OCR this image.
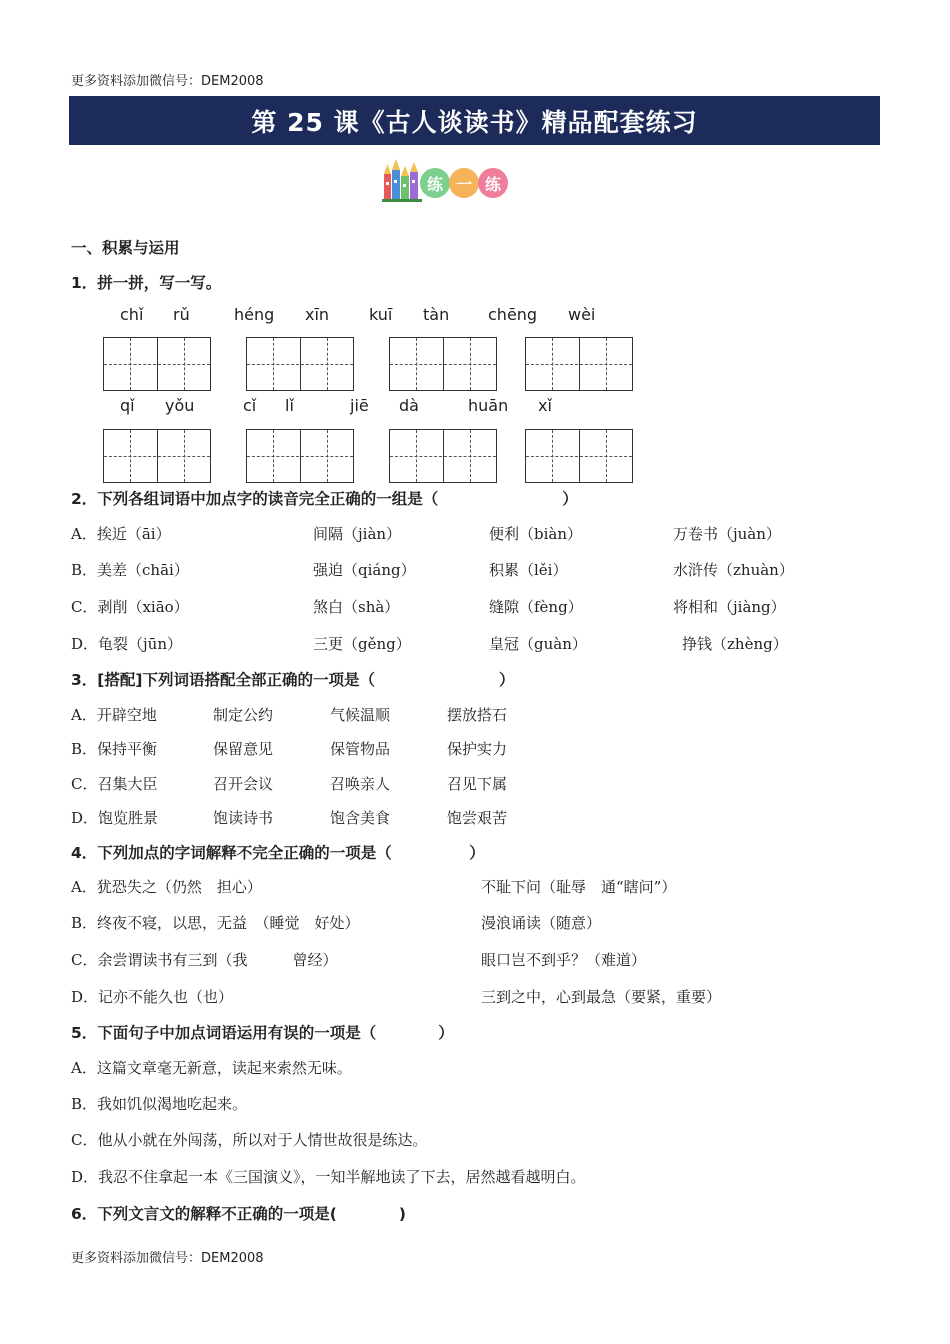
更多资料添加微信号：DEM2008
第 25 课《古人谈读书》精品配套练习
练 一 练
一、积累与运用
1．拼一拼，写一写。
chǐ rǔ	héng xīn kuī tàn chēng wèi
qǐ yǒu	cǐ lǐ	jiē dà	huān xǐ
2．下列各组词语中加点字的读音完全正确的一组是（　　　　　　　　）
A．挨近（āi）	间隔（jiàn）	便利（biàn）	万卷书（juàn）
B．美差（chāi）	强迫（qiáng）	积累（lěi）	水浒传（zhuàn）
C．剥削（xiāo）	煞白（shà）	缝隙（fèng）	将相和（jiàng）
D．龟裂（jūn）	三更（gěng）	皇冠（guàn）	挣钱（zhèng）
3．[搭配]下列词语搭配全部正确的一项是（　　　　　　　　）
A．开辟空地	制定公约	气候温顺	摆放搭石
B．保持平衡	保留意见	保管物品	保护实力
C．召集大臣	召开会议	召唤亲人	召见下属
D．饱览胜景	饱读诗书	饱含美食	饱尝艰苦
4．下列加点的字词解释不完全正确的一项是（　　　　　）
A．犹恐失之（仍然　担心）	不耻下问（耻辱　通“瞎问”）
B．终夜不寝，以思，无益　（睡觉　好处）	漫浪诵读（随意）
C．余尝谓读书有三到（我　　　曾经）	眼口岂不到乎？（难道）
D．记亦不能久也（也）	三到之中，心到最急（要紧，重要）
5．下面句子中加点词语运用有误的一项是（　　　　）
A．这篇文章毫无新意，读起来索然无味。
B．我如饥似渴地吃起来。
C．他从小就在外闯荡，所以对于人情世故很是练达。
D．我忍不住拿起一本《三国演义》，一知半解地读了下去，居然越看越明白。
6．下列文言文的解释不正确的一项是(　　　　)
更多资料添加微信号：DEM2008
